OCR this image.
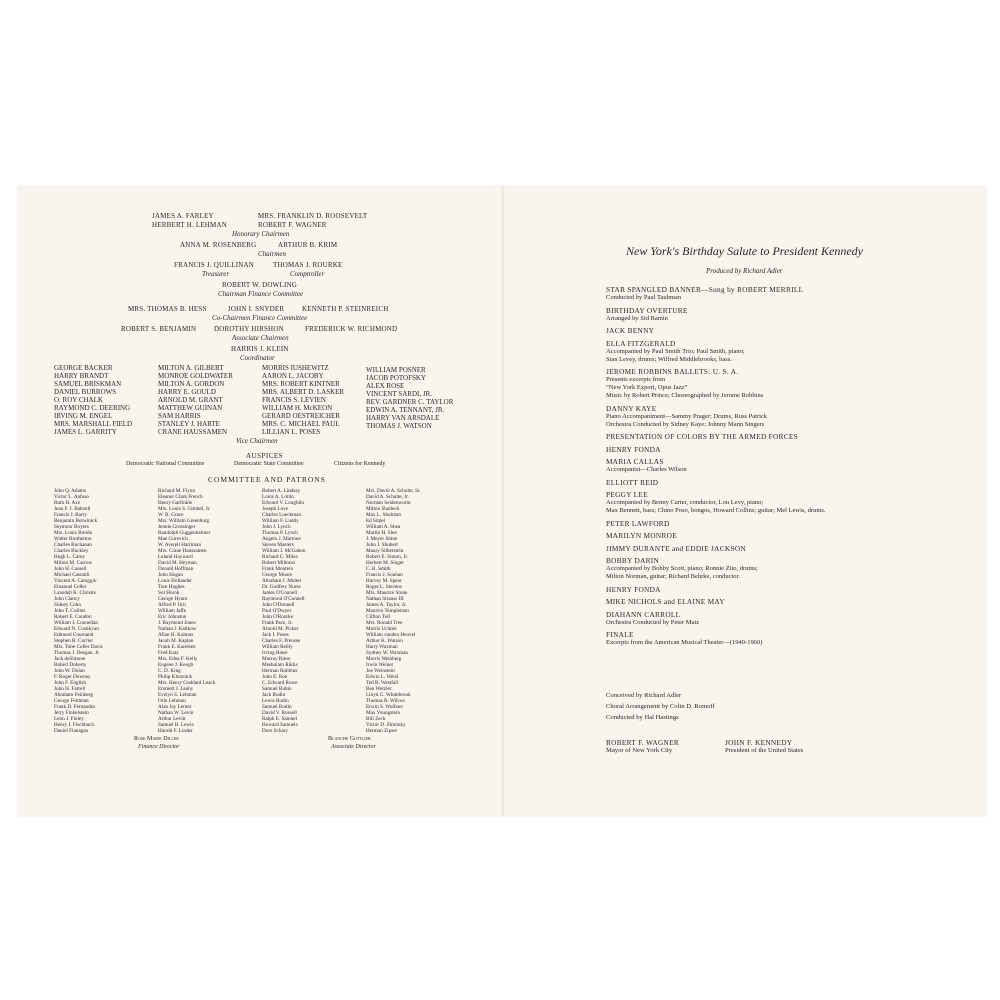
JAMES A. FARLEY	MRS. FRANKLIN D. ROOSEVELT
HERBERT H. LEHMAN	ROBERT F. WAGNER
Honorary Chairmen
ANNA M. ROSENBERG	ARTHUR B. KRIM
Chairmen
FRANCIS J. QUILLINAN
Treasurer
THOMAS J. ROURKE
Comptroller
ROBERT W. DOWLING
Chairman Finance Committee
MRS. THOMAS B. HESS	JOHN I. SNYDER	KENNETH P. STEINREICH
Co-Chairmen Finance Committee
ROBERT S. BENJAMIN	DOROTHY HIRSHON	FREDERICK W. RICHMOND
Associate Chairmen
HARRIS J. KLEIN
Coordinator
GEORGE BACKER
HARRY BRANDT
SAMUEL BRISKMAN
DANIEL BURROWS
O. ROY CHALK
RAYMOND C. DEERING
IRVING M. ENGEL
MRS. MARSHALL FIELD
JAMES L. GARRITY
MILTON A. GILBERT
MONROE GOLDWATER
MILTON A. GORDON
HARRY E. GOULD
ARNOLD M. GRANT
MATTHEW GUINAN
SAM HARRIS
STANLEY J. HARTE
CRANE HAUSSAMEN
MORRIS IUSHEWITZ
AARON L. JACOBY
MRS. ROBERT KINTNER
MRS. ALBERT D. LASKER
FRANCIS S. LEVIEN
WILLIAM H. McKEON
GERARD OESTREICHER
MRS. C. MICHAEL PAUL
LILLIAN L. POSES
WILLIAM POSNER
JACOB POTOFSKY
ALEX ROSE
VINCENT SARDI, JR.
REV. GARDNER C. TAYLOR
EDWIN A. TENNANT, JR.
HARRY VAN ARSDALE
THOMAS J. WATSON
Vice Chairmen
AUSPICES
Democratic National Committee	Democratic State Committee	Citizens for Kennedy
COMMITTEE AND PATRONS
John Q. Adams
Victor L. Anfuso
Ruth H. Axe
Jean F. J. Baltzell
Francis J. Barry
Benjamin Botwinick
Seymour Boyers
Mrs. Louis Breido
Walter Brotherton
Charles Buchanan
Charles Buckley
Hugh L. Carey
Milton M. Carrow
John H. Cassell
Michael Castaldi
Vincent A. Catoggio
Emanuel Celler
Lansdell K. Christie
John Clancy
Sidney Cohn
John T. Collins
Robert E. Condon
William J. Connellan
Edward N. Costikyan
Edmund Cournand
Stephen R. Currier
Mrs. Tobe Coller Davis
Thomas J. Deegan, Jr.
Jack deSimone
Robert Doherty
John W. Dolan
F. Roger Downey
John F. English
John H. Farrell
Abraham Feinberg
George Feldman
Frank D. Fernandez
Jerry Finkelstein
Leon J. Finley
Henry J. Fischbach
Daniel Flanagan
Richard M. Flynn
Eleanor Clark French
Henry Garfinkle
Mrs. Louis S. Gimbel, Jr.
W. R. Grace
Mrs. William Greenburg
Jennie Grossinger
Randolph Guggenheimer
Mae Gurevich
W. Averell Harriman
Mrs. Crane Haussamen
Leland Hayward
David M. Heyman
Donald Hoffman
John Hogan
Louis Hollander
Tom Hughes
Sol Hurok
George Hyam
Alfred P. Ilch
William Jaffe
Eric Johnston
J. Raymond Jones
Nathan I. Kalikow
Allan H. Kalmus
Jacob M. Kaplan
Frank E. Karelsen
Fred Katz
Mrs. Edna F. Kelly
Eugene J. Keogh
C. D. King
Philip Klutznick
Mrs. Henry Goddard Leach
Emmett J. Leahy
Evelyn S. Lehman
Orin Lehman
Alan Jay Lerner
Nathan W. Levin
Arthur Levitt
Samuel B. Lewis
Harold F. Linder
Robert A. Lindsay
Louis A. Lotito
Edward V. Loughlin
Joseph Love
Charles Lueckman
William F. Luddy
John J. Lynch
Thomas P. Lynch
Angelo J. Martone
Steven Masters
William J. McGahon
Richard C. Miles
Robert Millonzi
Frank Montero
George Moore
Abraham J. Multer
Dr. Godfrey Nurse
James O'Connell
Raymond O'Connell
John O'Donnell
Paul O'Dwyer
John O'Rourke
Frank Pace, Jr.
Arnold M. Picker
Jack I. Poses
Charles F. Preusse
William Reilly
Irving Riese
Murray Riese
Meshulam Riklis
Herman Robbins
John E. Roe
C. Edward Rowe
Samuel Rubin
Jack Rudin
Lewis Rudin
Samuel Rudin
David V. Russell
Ralph E. Samuel
Howard Samuels
Dore Schary
Mrs. David A. Schulte, Sr.
David A. Schulte, Jr.
Norman Seidenwurm
Milton Shalleck
Max L. Shulman
Ed Sitpel
William A. Shea
Martin H. Sher
J. Meyer Shine
John J. Shubert
Maury Silberstein
Robert E. Simon, Jr.
Herbert M. Singer
C. R. Smith
Francis J. Souhan
Harvey M. Spear
Roger L. Stevens
Mrs. Maurice Stone
Nathan Strauss III
James A. Taylor, Jr.
Maurice Templeman
Clifton Toll
Mrs. Ronald Tree
Morris Uchitel
William vanden Heuvel
Arthur K. Watson
Harry Waxman
Sydney W. Waxman
Morris Weinberg
Irwin Weiner
Joe Weinstein
Edwin L. Weisl
Ted B. Westfall
Ben Wetzler
Lloyd G. Whitebrook
Thomas R. Wilcox
Erwin S. Wolfson
Max Youngstein
Bill Zeck
Victor D. Zimirsky
Herman Zipser
Rose Marie Diller
Finance Director
Blanche Gottlieb
Associate Director
New York's Birthday Salute to President Kennedy
Produced by Richard Adler
STAR SPANGLED BANNER—Sung by ROBERT MERRILL
Conducted by Paul Taubman
BIRTHDAY OVERTURE
Arranged by Sid Ramin
JACK BENNY
ELLA FITZGERALD
Accompanied by Paul Smith Trio; Paul Smith, piano;
Stan Levey, drums; Wilfred Middlebrooks, bass.
JEROME ROBBINS BALLETS: U. S. A.
Presents excerpts from
“New York Export, Opus Jazz”
Music by Robert Prince; Choreographed by Jerome Robbins
DANNY KAYE
Piano Accompaniment—Sammy Prager; Drums, Russ Patrick
Orchestra Conducted by Sidney Kaye; Johnny Mann Singers
PRESENTATION OF COLORS BY THE ARMED FORCES
HENRY FONDA
MARIA CALLAS
Accompanist—Charles Wilson
ELLIOTT REID
PEGGY LEE
Accompanied by Benny Carter, conductor, Lou Levy, piano;
Max Bennett, bass; Chino Poso, bongos, Howard Collins; guitar; Mel Lewis, drums.
PETER LAWFORD
MARILYN MONROE
JIMMY DURANTE and EDDIE JACKSON
BOBBY DARIN
Accompanied by Bobby Scott, piano; Ronnie Zito, drums;
Milton Norman, guitar; Richard Behrke, conductor.
HENRY FONDA
MIKE NICHOLS and ELAINE MAY
DIAHANN CARROLL
Orchestra Conducted by Peter Matz
FINALE
Excerpts from the American Musical Theater—(1940-1960)
Conceived by Richard Adler
Choral Arrangement by Colin D. Romoff
Conducted by Hal Hastings
ROBERT F. WAGNER
Mayor of New York City
JOHN F. KENNEDY
President of the United States
